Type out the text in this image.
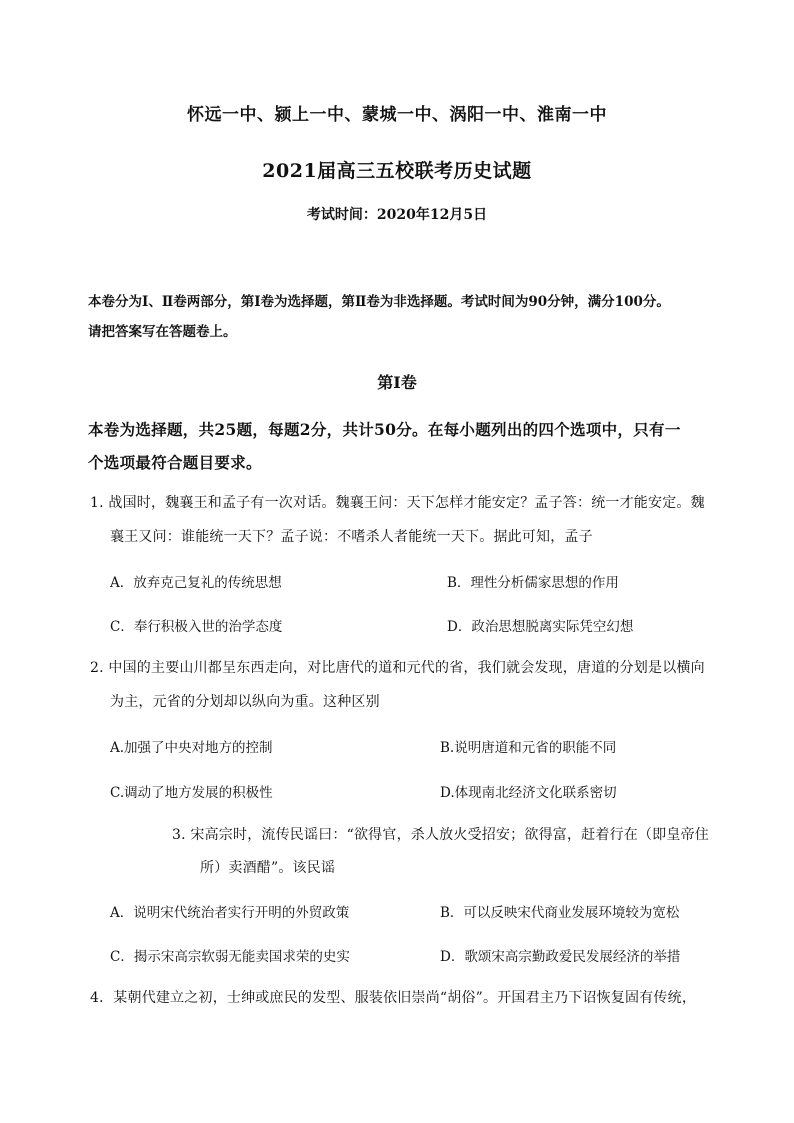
怀远一中、颍上一中、蒙城一中、涡阳一中、淮南一中
2021届高三五校联考历史试题
考试时间：2020年12月5日
本卷分为Ⅰ、Ⅱ卷两部分，第Ⅰ卷为选择题，第Ⅱ卷为非选择题。考试时间为90分钟，满分100分。
请把答案写在答题卷上。
第Ⅰ卷
本卷为选择题，共25题，每题2分，共计50分。在每小题列出的四个选项中，只有一
个选项最符合题目要求。
1. 战国时，魏襄王和孟子有一次对话。魏襄王问：天下怎样才能安定？孟子答：统一才能安定。魏
襄王又问：谁能统一天下？孟子说：不嗜杀人者能统一天下。据此可知，孟子
A．放弃克己复礼的传统思想	B．理性分析儒家思想的作用
C．奉行积极入世的治学态度	D．政治思想脱离实际凭空幻想
2. 中国的主要山川都呈东西走向，对比唐代的道和元代的省，我们就会发现，唐道的分划是以横向
为主，元省的分划却以纵向为重。这种区别
A.加强了中央对地方的控制	B.说明唐道和元省的职能不同
C.调动了地方发展的积极性	D.体现南北经济文化联系密切
3. 宋高宗时，流传民谣曰：“欲得官，杀人放火受招安；欲得富，赶着行在（即皇帝住
所）卖酒醋”。该民谣
A．说明宋代统治者实行开明的外贸政策	B．可以反映宋代商业发展环境较为宽松
C．揭示宋高宗软弱无能卖国求荣的史实	D．歌颂宋高宗勤政爱民发展经济的举措
4．某朝代建立之初，士绅或庶民的发型、服装依旧崇尚“胡俗”。开国君主乃下诏恢复固有传统，
